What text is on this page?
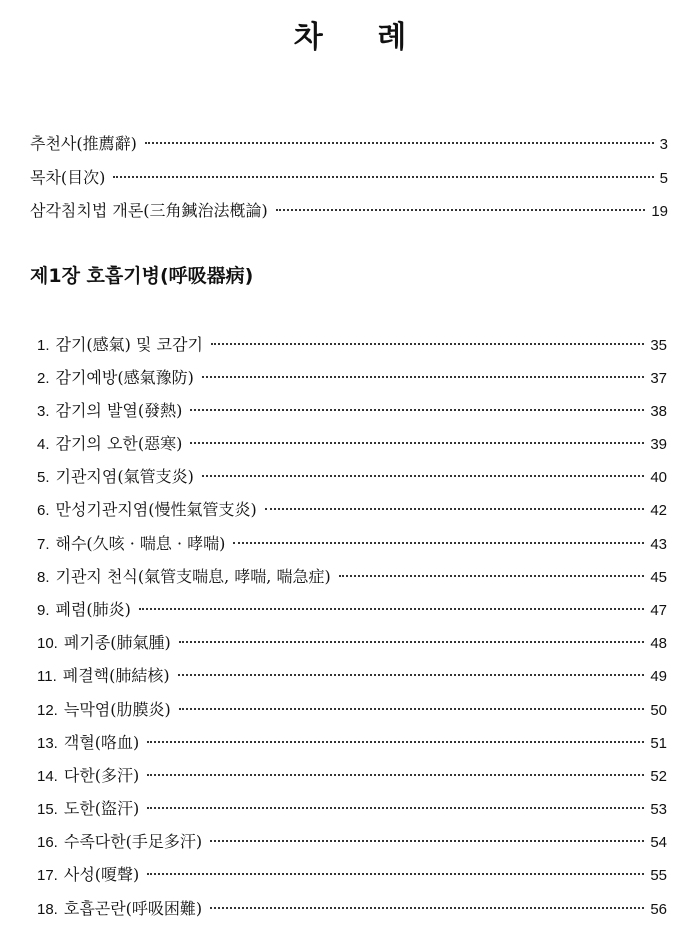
차 례
추천사(推薦辭)	3
목차(目次)	5
삼각침치법 개론(三角鍼治法槪論)	19
제1장 호흡기병(呼吸器病)
1. 감기(感氣) 및 코감기	35
2. 감기예방(感氣豫防)	37
3. 감기의 발열(發熱)	38
4. 감기의 오한(惡寒)	39
5. 기관지염(氣管支炎)	40
6. 만성기관지염(慢性氣管支炎)	42
7. 해수(久咳 · 喘息 · 哮喘)	43
8. 기관지 천식(氣管支喘息, 哮喘, 喘急症)	45
9. 폐렴(肺炎)	47
10. 폐기종(肺氣腫)	48
11. 폐결핵(肺結核)	49
12. 늑막염(肋膜炎)	50
13. 객혈(咯血)	51
14. 다한(多汗)	52
15. 도한(盜汗)	53
16. 수족다한(手足多汗)	54
17. 사성(嗄聲)	55
18. 호흡곤란(呼吸困難)	56
